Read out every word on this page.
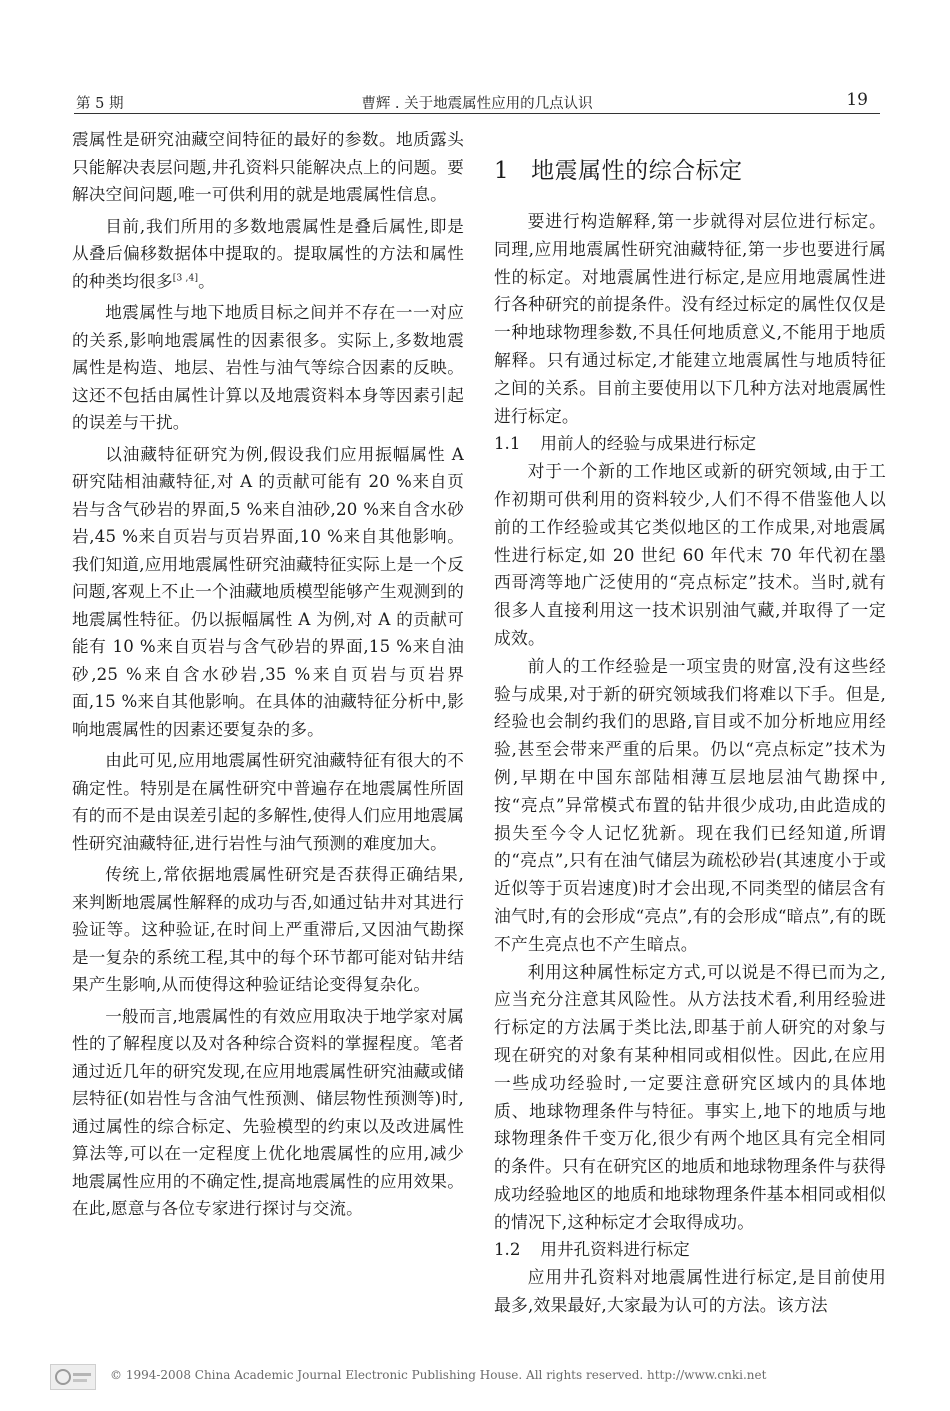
第 5 期	曹辉 . 关于地震属性应用的几点认识	19

震属性是研究油藏空间特征的最好的参数。地质露头只能解决表层问题,井孔资料只能解决点上的问题。要解决空间问题,唯一可供利用的就是地震属性信息。

目前,我们所用的多数地震属性是叠后属性,即是从叠后偏移数据体中提取的。提取属性的方法和属性的种类均很多[3 ,4]。

地震属性与地下地质目标之间并不存在一一对应的关系,影响地震属性的因素很多。实际上,多数地震属性是构造、地层、岩性与油气等综合因素的反映。这还不包括由属性计算以及地震资料本身等因素引起的误差与干扰。

以油藏特征研究为例,假设我们应用振幅属性 A 研究陆相油藏特征,对 A 的贡献可能有 20 %来自页岩与含气砂岩的界面,5 %来自油砂,20 %来自含水砂岩,45 %来自页岩与页岩界面,10 %来自其他影响。我们知道,应用地震属性研究油藏特征实际上是一个反问题,客观上不止一个油藏地质模型能够产生观测到的地震属性特征。仍以振幅属性 A 为例,对 A 的贡献可能有 10 %来自页岩与含气砂岩的界面,15 %来自油砂,25 %来自含水砂岩,35 %来自页岩与页岩界面,15 %来自其他影响。在具体的油藏特征分析中,影响地震属性的因素还要复杂的多。

由此可见,应用地震属性研究油藏特征有很大的不确定性。特别是在属性研究中普遍存在地震属性所固有的而不是由误差引起的多解性,使得人们应用地震属性研究油藏特征,进行岩性与油气预测的难度加大。

传统上,常依据地震属性研究是否获得正确结果,来判断地震属性解释的成功与否,如通过钻井对其进行验证等。这种验证,在时间上严重滞后,又因油气勘探是一复杂的系统工程,其中的每个环节都可能对钻井结果产生影响,从而使得这种验证结论变得复杂化。

一般而言,地震属性的有效应用取决于地学家对属性的了解程度以及对各种综合资料的掌握程度。笔者通过近几年的研究发现,在应用地震属性研究油藏或储层特征(如岩性与含油气性预测、储层物性预测等)时,通过属性的综合标定、先验模型的约束以及改进属性算法等,可以在一定程度上优化地震属性的应用,减少地震属性应用的不确定性,提高地震属性的应用效果。在此,愿意与各位专家进行探讨与交流。

1 地震属性的综合标定

要进行构造解释,第一步就得对层位进行标定。同理,应用地震属性研究油藏特征,第一步也要进行属性的标定。对地震属性进行标定,是应用地震属性进行各种研究的前提条件。没有经过标定的属性仅仅是一种地球物理参数,不具任何地质意义,不能用于地质解释。只有通过标定,才能建立地震属性与地质特征之间的关系。目前主要使用以下几种方法对地震属性进行标定。

1.1 用前人的经验与成果进行标定

对于一个新的工作地区或新的研究领域,由于工作初期可供利用的资料较少,人们不得不借鉴他人以前的工作经验或其它类似地区的工作成果,对地震属性进行标定,如 20 世纪 60 年代末 70 年代初在墨西哥湾等地广泛使用的“亮点标定”技术。当时,就有很多人直接利用这一技术识别油气藏,并取得了一定成效。

前人的工作经验是一项宝贵的财富,没有这些经验与成果,对于新的研究领域我们将难以下手。但是,经验也会制约我们的思路,盲目或不加分析地应用经验,甚至会带来严重的后果。仍以“亮点标定”技术为例,早期在中国东部陆相薄互层地层油气勘探中,按“亮点”异常模式布置的钻井很少成功,由此造成的损失至今令人记忆犹新。现在我们已经知道,所谓的“亮点”,只有在油气储层为疏松砂岩(其速度小于或近似等于页岩速度)时才会出现,不同类型的储层含有油气时,有的会形成“亮点”,有的会形成“暗点”,有的既不产生亮点也不产生暗点。

利用这种属性标定方式,可以说是不得已而为之,应当充分注意其风险性。从方法技术看,利用经验进行标定的方法属于类比法,即基于前人研究的对象与现在研究的对象有某种相同或相似性。因此,在应用一些成功经验时,一定要注意研究区域内的具体地质、地球物理条件与特征。事实上,地下的地质与地球物理条件千变万化,很少有两个地区具有完全相同的条件。只有在研究区的地质和地球物理条件与获得成功经验地区的地质和地球物理条件基本相同或相似的情况下,这种标定才会取得成功。

1.2 用井孔资料进行标定

应用井孔资料对地震属性进行标定,是目前使用最多,效果最好,大家最为认可的方法。该方法

© 1994-2008 China Academic Journal Electronic Publishing House. All rights reserved. http://www.cnki.net
